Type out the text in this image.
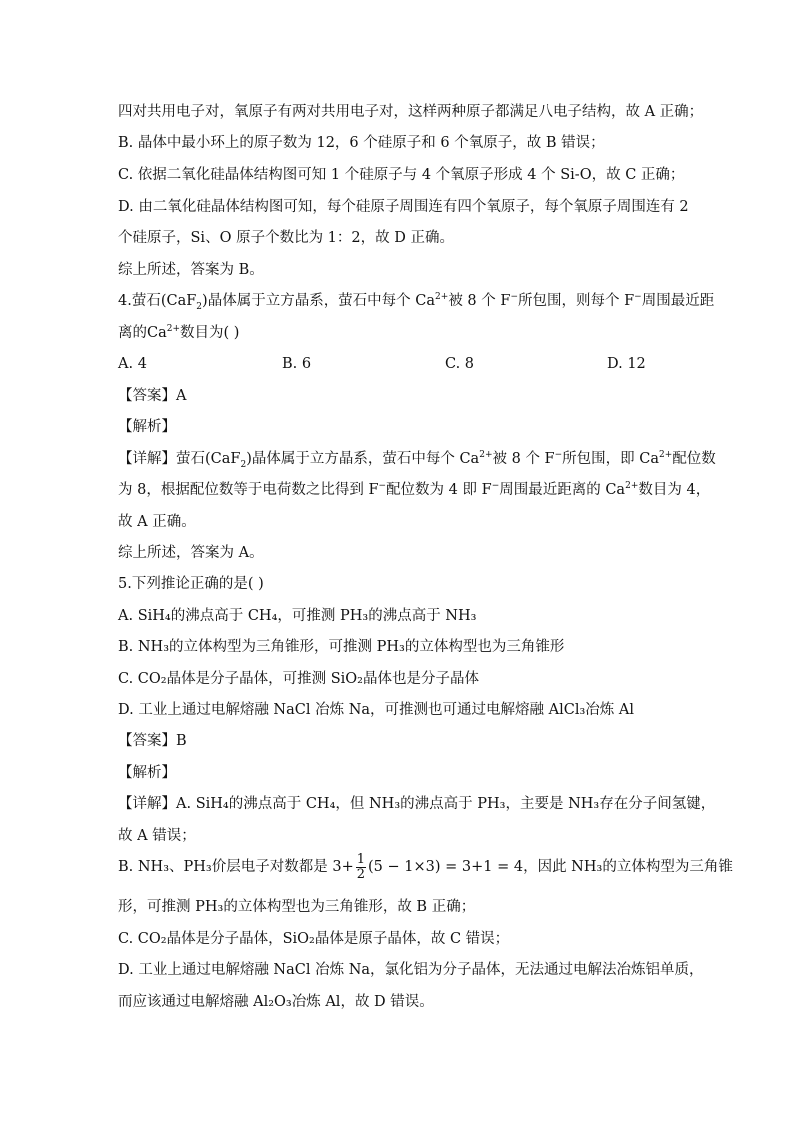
四对共用电子对，氧原子有两对共用电子对，这样两种原子都满足八电子结构，故 A 正确；
B. 晶体中最小环上的原子数为 12，6 个硅原子和 6 个氧原子，故 B 错误；
C. 依据二氧化硅晶体结构图可知 1 个硅原子与 4 个氧原子形成 4 个 Si-O，故 C 正确；
D. 由二氧化硅晶体结构图可知，每个硅原子周围连有四个氧原子，每个氧原子周围连有 2
个硅原子，Si、O 原子个数比为 1：2，故 D 正确。
综上所述，答案为 B。
4.萤石(CaF$_2$)晶体属于立方晶系，萤石中每个 $Ca^{2+}$被 8 个 F−所包围，则每个 F−周围最近距
离的$Ca^{2+}$数目为( )
A. 4	B. 6	C. 8	D. 12
【答案】A
【解析】
【详解】萤石(CaF$_2$)晶体属于立方晶系，萤石中每个 $Ca^{2+}$被 8 个 F−所包围，即 $Ca^{2+}$配位数
为 8，根据配位数等于电荷数之比得到 F−配位数为 4 即 F−周围最近距离的 $Ca^{2+}$数目为 4，
故 A 正确。
综上所述，答案为 A。
5.下列推论正确的是( )
A. SiH₄的沸点高于 CH₄，可推测 PH₃的沸点高于 NH₃
B. NH₃的立体构型为三角锥形，可推测 PH₃的立体构型也为三角锥形
C. CO₂晶体是分子晶体，可推测 SiO₂晶体也是分子晶体
D. 工业上通过电解熔融 NaCl 冶炼 Na，可推测也可通过电解熔融 AlCl₃冶炼 Al
【答案】B
【解析】
【详解】A. SiH₄的沸点高于 CH₄，但 NH₃的沸点高于 PH₃，主要是 NH₃存在分子间氢键，
故 A 错误；
B. NH₃、PH₃价层电子对数都是 $3+ \frac{1}{2} (5 - 1\times 3) = 3+1 = 4$，因此 NH₃的立体构型为三角锥
形，可推测 PH₃的立体构型也为三角锥形，故 B 正确；
C. CO₂晶体是分子晶体，SiO₂晶体是原子晶体，故 C 错误；
D. 工业上通过电解熔融 NaCl 冶炼 Na，氯化铝为分子晶体，无法通过电解法冶炼铝单质，
而应该通过电解熔融 Al₂O₃冶炼 Al，故 D 错误。
